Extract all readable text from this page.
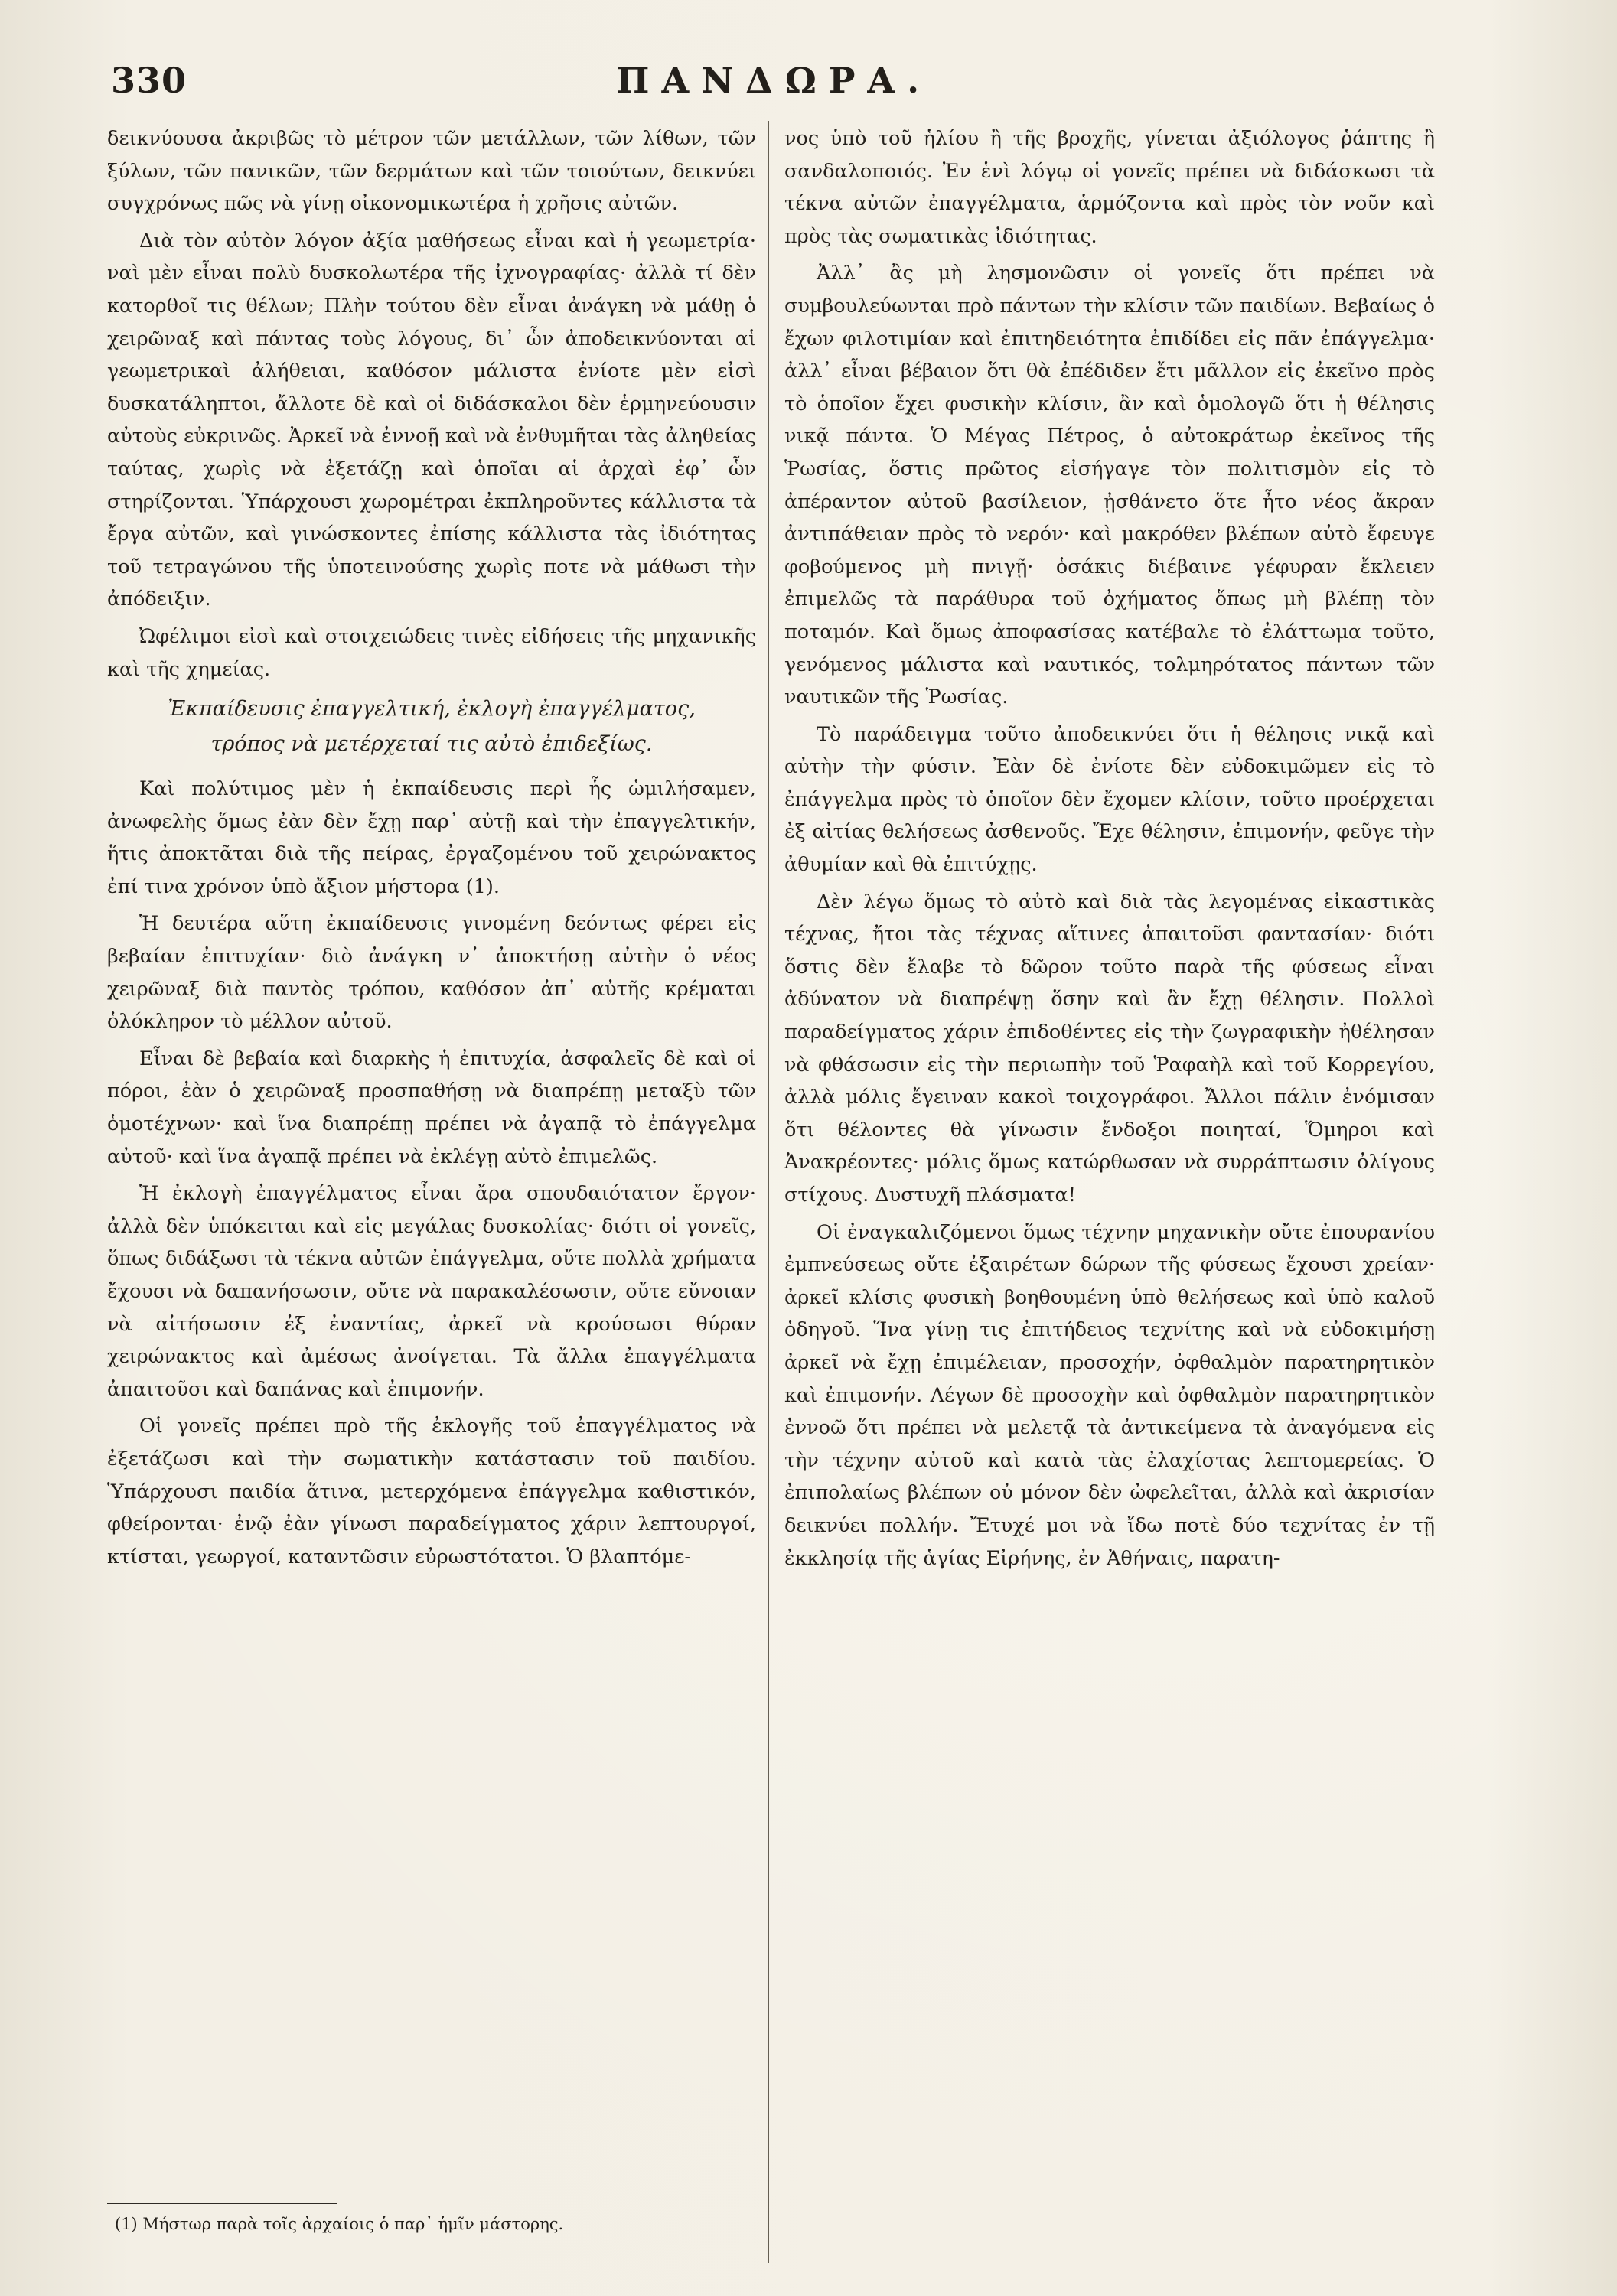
330	ΠΑΝΔΩΡΑ.

δεικνύουσα ἀκριβῶς τὸ μέτρον τῶν μετάλλων, τῶν λίθων, τῶν ξύλων, τῶν πανικῶν, τῶν δερμάτων καὶ τῶν τοιούτων, δεικνύει συγχρόνως πῶς νὰ γίνῃ οἰκονομικωτέρα ἡ χρῆσις αὐτῶν.

Διὰ τὸν αὐτὸν λόγον ἀξία μαθήσεως εἶναι καὶ ἡ γεωμετρία· ναὶ μὲν εἶναι πολὺ δυσκολωτέρα τῆς ἰχνογραφίας· ἀλλὰ τί δὲν κατορθοῖ τις θέλων; Πλὴν τούτου δὲν εἶναι ἀνάγκη νὰ μάθῃ ὁ χειρῶναξ καὶ πάντας τοὺς λόγους, δι᾽ ὧν ἀποδεικνύονται αἱ γεωμετρικαὶ ἀλήθειαι, καθόσον μάλιστα ἐνίοτε μὲν εἰσὶ δυσκατάληπτοι, ἄλλοτε δὲ καὶ οἱ διδάσκαλοι δὲν ἑρμηνεύουσιν αὐτοὺς εὐκρινῶς. Ἀρκεῖ νὰ ἐννοῇ καὶ νὰ ἐνθυμῆται τὰς ἀληθείας ταύτας, χωρὶς νὰ ἐξετάζῃ καὶ ὁποῖαι αἱ ἀρχαὶ ἐφ᾽ ὧν στηρίζονται. Ὑπάρχουσι χωρομέτραι ἐκπληροῦντες κάλλιστα τὰ ἔργα αὐτῶν, καὶ γινώσκοντες ἐπίσης κάλλιστα τὰς ἰδιότητας τοῦ τετραγώνου τῆς ὑποτεινούσης χωρὶς ποτε νὰ μάθωσι τὴν ἀπόδειξιν.

Ὠφέλιμοι εἰσὶ καὶ στοιχειώδεις τινὲς εἰδήσεις τῆς μηχανικῆς καὶ τῆς χημείας.

Ἐκπαίδευσις ἐπαγγελτική, ἐκλογὴ ἐπαγγέλματος,
τρόπος νὰ μετέρχεταί τις αὐτὸ ἐπιδεξίως.

Καὶ πολύτιμος μὲν ἡ ἐκπαίδευσις περὶ ἧς ὡμιλήσαμεν, ἀνωφελὴς ὅμως ἐὰν δὲν ἔχῃ παρ᾽ αὐτῇ καὶ τὴν ἐπαγγελτικήν, ἥτις ἀποκτᾶται διὰ τῆς πείρας, ἐργαζομένου τοῦ χειρώνακτος ἐπί τινα χρόνον ὑπὸ ἄξιον μήστορα (1).

Ἡ δευτέρα αὕτη ἐκπαίδευσις γινομένη δεόντως φέρει εἰς βεβαίαν ἐπιτυχίαν· διὸ ἀνάγκη ν᾽ ἀποκτήσῃ αὐτὴν ὁ νέος χειρῶναξ διὰ παντὸς τρόπου, καθόσον ἀπ᾽ αὐτῆς κρέμαται ὁλόκληρον τὸ μέλλον αὐτοῦ.

Εἶναι δὲ βεβαία καὶ διαρκὴς ἡ ἐπιτυχία, ἀσφαλεῖς δὲ καὶ οἱ πόροι, ἐὰν ὁ χειρῶναξ προσπαθήσῃ νὰ διαπρέπῃ μεταξὺ τῶν ὁμοτέχνων· καὶ ἵνα διαπρέπῃ πρέπει νὰ ἀγαπᾷ τὸ ἐπάγγελμα αὐτοῦ· καὶ ἵνα ἀγαπᾷ πρέπει νὰ ἐκλέγῃ αὐτὸ ἐπιμελῶς.

Ἡ ἐκλογὴ ἐπαγγέλματος εἶναι ἄρα σπουδαιότατον ἔργον· ἀλλὰ δὲν ὑπόκειται καὶ εἰς μεγάλας δυσκολίας· διότι οἱ γονεῖς, ὅπως διδάξωσι τὰ τέκνα αὐτῶν ἐπάγγελμα, οὔτε πολλὰ χρήματα ἔχουσι νὰ δαπανήσωσιν, οὔτε νὰ παρακαλέσωσιν, οὔτε εὔνοιαν νὰ αἰτήσωσιν ἐξ ἐναντίας, ἀρκεῖ νὰ κρούσωσι θύραν χειρώνακτος καὶ ἀμέσως ἀνοίγεται. Τὰ ἄλλα ἐπαγγέλματα ἀπαιτοῦσι καὶ δαπάνας καὶ ἐπιμονήν.

Οἱ γονεῖς πρέπει πρὸ τῆς ἐκλογῆς τοῦ ἐπαγγέλματος νὰ ἐξετάζωσι καὶ τὴν σωματικὴν κατάστασιν τοῦ παιδίου. Ὑπάρχουσι παιδία ἅτινα, μετερχόμενα ἐπάγγελμα καθιστικόν, φθείρονται· ἐνῷ ἐὰν γίνωσι παραδείγματος χάριν λεπτουργοί, κτίσται, γεωργοί, καταντῶσιν εὐρωστότατοι. Ὁ βλαπτόμε-

νος ὑπὸ τοῦ ἡλίου ἢ τῆς βροχῆς, γίνεται ἀξιόλογος ῥάπτης ἢ σανδαλοποιός. Ἐν ἑνὶ λόγῳ οἱ γονεῖς πρέπει νὰ διδάσκωσι τὰ τέκνα αὐτῶν ἐπαγγέλματα, ἁρμόζοντα καὶ πρὸς τὸν νοῦν καὶ πρὸς τὰς σωματικὰς ἰδιότητας.

Ἀλλ᾽ ἂς μὴ λησμονῶσιν οἱ γονεῖς ὅτι πρέπει νὰ συμβουλεύωνται πρὸ πάντων τὴν κλίσιν τῶν παιδίων. Βεβαίως ὁ ἔχων φιλοτιμίαν καὶ ἐπιτηδειότητα ἐπιδίδει εἰς πᾶν ἐπάγγελμα· ἀλλ᾽ εἶναι βέβαιον ὅτι θὰ ἐπέδιδεν ἔτι μᾶλλον εἰς ἐκεῖνο πρὸς τὸ ὁποῖον ἔχει φυσικὴν κλίσιν, ἂν καὶ ὁμολογῶ ὅτι ἡ θέλησις νικᾷ πάντα. Ὁ Μέγας Πέτρος, ὁ αὐτοκράτωρ ἐκεῖνος τῆς Ῥωσίας, ὅστις πρῶτος εἰσήγαγε τὸν πολιτισμὸν εἰς τὸ ἀπέραντον αὐτοῦ βασίλειον, ᾐσθάνετο ὅτε ἦτο νέος ἄκραν ἀντιπάθειαν πρὸς τὸ νερόν· καὶ μακρόθεν βλέπων αὐτὸ ἔφευγε φοβούμενος μὴ πνιγῇ· ὁσάκις διέβαινε γέφυραν ἔκλειεν ἐπιμελῶς τὰ παράθυρα τοῦ ὀχήματος ὅπως μὴ βλέπῃ τὸν ποταμόν. Καὶ ὅμως ἀποφασίσας κατέβαλε τὸ ἐλάττωμα τοῦτο, γενόμενος μάλιστα καὶ ναυτικός, τολμηρότατος πάντων τῶν ναυτικῶν τῆς Ῥωσίας.

Τὸ παράδειγμα τοῦτο ἀποδεικνύει ὅτι ἡ θέλησις νικᾷ καὶ αὐτὴν τὴν φύσιν. Ἐὰν δὲ ἐνίοτε δὲν εὐδοκιμῶμεν εἰς τὸ ἐπάγγελμα πρὸς τὸ ὁποῖον δὲν ἔχομεν κλίσιν, τοῦτο προέρχεται ἐξ αἰτίας θελήσεως ἀσθενοῦς. Ἔχε θέλησιν, ἐπιμονήν, φεῦγε τὴν ἀθυμίαν καὶ θὰ ἐπιτύχῃς.

Δὲν λέγω ὅμως τὸ αὐτὸ καὶ διὰ τὰς λεγομένας εἰκαστικὰς τέχνας, ἤτοι τὰς τέχνας αἵτινες ἀπαιτοῦσι φαντασίαν· διότι ὅστις δὲν ἔλαβε τὸ δῶρον τοῦτο παρὰ τῆς φύσεως εἶναι ἀδύνατον νὰ διαπρέψῃ ὅσην καὶ ἂν ἔχῃ θέλησιν. Πολλοὶ παραδείγματος χάριν ἐπιδοθέντες εἰς τὴν ζωγραφικὴν ἠθέλησαν νὰ φθάσωσιν εἰς τὴν περιωπὴν τοῦ Ῥαφαὴλ καὶ τοῦ Κορρεγίου, ἀλλὰ μόλις ἔγειναν κακοὶ τοιχογράφοι. Ἄλλοι πάλιν ἐνόμισαν ὅτι θέλοντες θὰ γίνωσιν ἔνδοξοι ποιηταί, Ὅμηροι καὶ Ἀνακρέοντες· μόλις ὅμως κατώρθωσαν νὰ συρράπτωσιν ὀλίγους στίχους. Δυστυχῆ πλάσματα!

Οἱ ἐναγκαλιζόμενοι ὅμως τέχνην μηχανικὴν οὔτε ἐπουρανίου ἐμπνεύσεως οὔτε ἐξαιρέτων δώρων τῆς φύσεως ἔχουσι χρείαν· ἀρκεῖ κλίσις φυσικὴ βοηθουμένη ὑπὸ θελήσεως καὶ ὑπὸ καλοῦ ὁδηγοῦ. Ἵνα γίνῃ τις ἐπιτήδειος τεχνίτης καὶ νὰ εὐδοκιμήσῃ ἀρκεῖ νὰ ἔχῃ ἐπιμέλειαν, προσοχήν, ὀφθαλμὸν παρατηρητικὸν καὶ ἐπιμονήν. Λέγων δὲ προσοχὴν καὶ ὀφθαλμὸν παρατηρητικὸν ἐννοῶ ὅτι πρέπει νὰ μελετᾷ τὰ ἀντικείμενα τὰ ἀναγόμενα εἰς τὴν τέχνην αὐτοῦ καὶ κατὰ τὰς ἐλαχίστας λεπτομερείας. Ὁ ἐπιπολαίως βλέπων οὐ μόνον δὲν ὠφελεῖται, ἀλλὰ καὶ ἀκρισίαν δεικνύει πολλήν. Ἔτυχέ μοι νὰ ἴδω ποτὲ δύο τεχνίτας ἐν τῇ ἐκκλησίᾳ τῆς ἁγίας Εἰρήνης, ἐν Ἀθήναις, παρατη-

(1) Μήστωρ παρὰ τοῖς ἀρχαίοις ὁ παρ᾽ ἡμῖν μάστορης.
